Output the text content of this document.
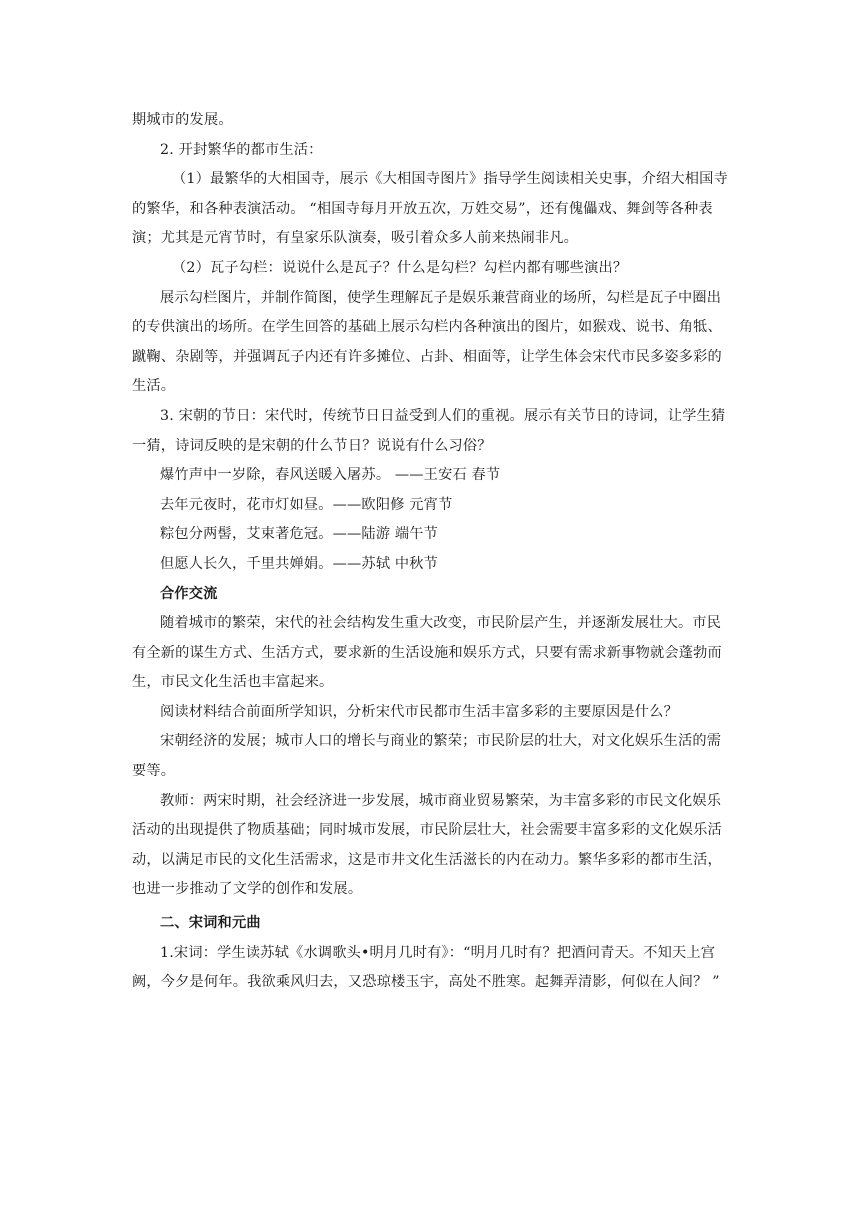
期城市的发展。

2. 开封繁华的都市生活：

（1）最繁华的大相国寺，展示《大相国寺图片》指导学生阅读相关史事，介绍大相国寺的繁华，和各种表演活动。 “相国寺每月开放五次，万姓交易”，还有傀儡戏、舞剑等各种表演；尤其是元宵节时，有皇家乐队演奏，吸引着众多人前来热闹非凡。

（2）瓦子勾栏：说说什么是瓦子？什么是勾栏？勾栏内都有哪些演出？

展示勾栏图片，并制作简图，使学生理解瓦子是娱乐兼营商业的场所，勾栏是瓦子中圈出的专供演出的场所。在学生回答的基础上展示勾栏内各种演出的图片，如猴戏、说书、角牴、蹴鞠、杂剧等，并强调瓦子内还有许多摊位、占卦、相面等，让学生体会宋代市民多姿多彩的生活。

3. 宋朝的节日：宋代时，传统节日日益受到人们的重视。展示有关节日的诗词，让学生猜一猜，诗词反映的是宋朝的什么节日？说说有什么习俗？

爆竹声中一岁除，春风送暖入屠苏。 ——王安石 春节

去年元夜时，花市灯如昼。——欧阳修 元宵节

粽包分两髻，艾束著危冠。——陆游 端午节

但愿人长久，千里共婵娟。——苏轼 中秋节

合作交流

随着城市的繁荣，宋代的社会结构发生重大改变，市民阶层产生，并逐渐发展壮大。市民有全新的谋生方式、生活方式，要求新的生活设施和娱乐方式，只要有需求新事物就会蓬勃而生，市民文化生活也丰富起来。

阅读材料结合前面所学知识，分析宋代市民都市生活丰富多彩的主要原因是什么？

宋朝经济的发展；城市人口的增长与商业的繁荣；市民阶层的壮大，对文化娱乐生活的需要等。

教师：两宋时期，社会经济进一步发展，城市商业贸易繁荣，为丰富多彩的市民文化娱乐活动的出现提供了物质基础；同时城市发展，市民阶层壮大，社会需要丰富多彩的文化娱乐活动，以满足市民的文化生活需求，这是市井文化生活滋长的内在动力。繁华多彩的都市生活，也进一步推动了文学的创作和发展。

二、宋词和元曲

1.宋词：学生读苏轼《水调歌头•明月几时有》：“明月几时有？把酒问青天。不知天上宫阙，今夕是何年。我欲乘风归去，又恐琼楼玉宇，高处不胜寒。起舞弄清影，何似在人间？ ”
